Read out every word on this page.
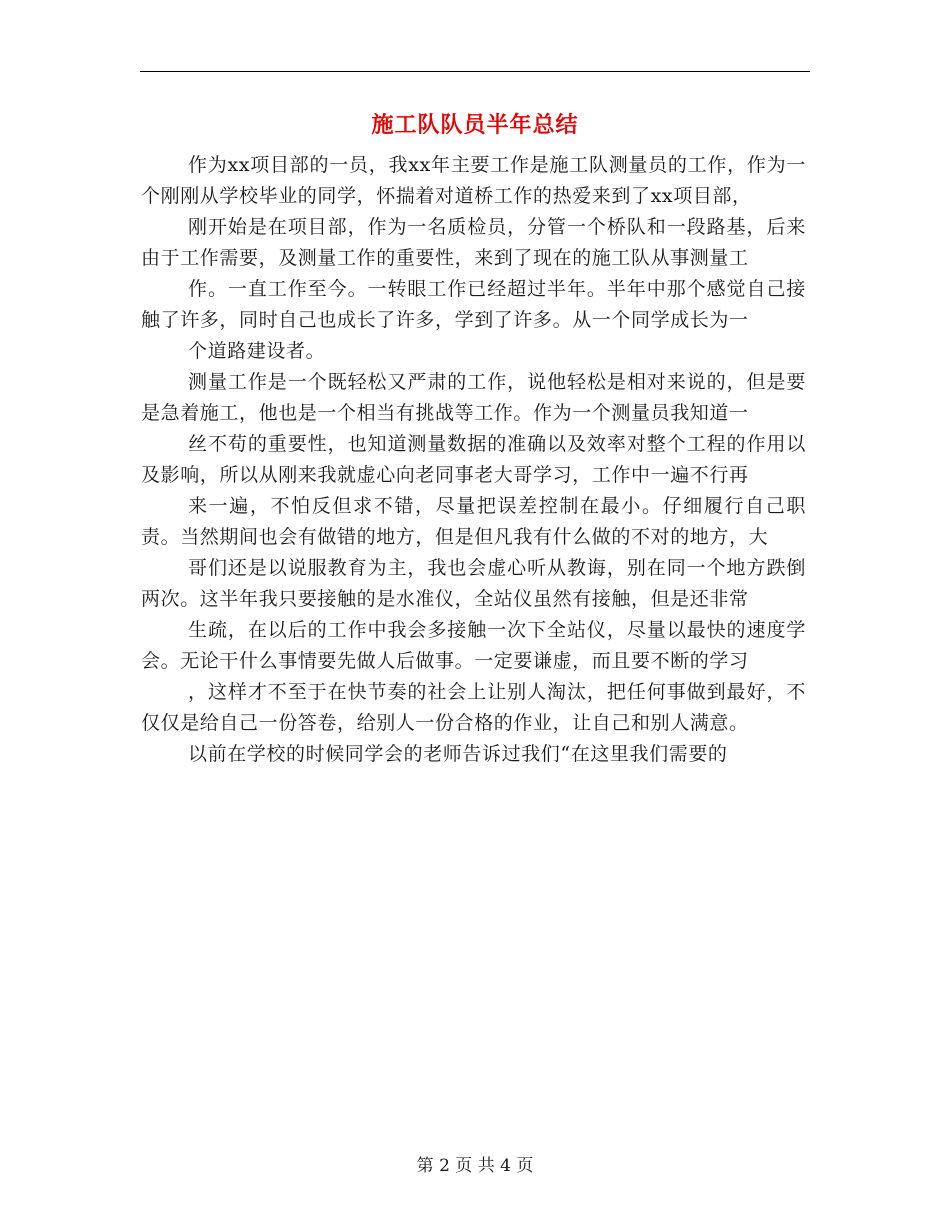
施工队队员半年总结

作为xx项目部的一员，我xx年主要工作是施工队测量员的工作，作为一个刚刚从学校毕业的同学，怀揣着对道桥工作的热爱来到了xx项目部，

刚开始是在项目部，作为一名质检员，分管一个桥队和一段路基，后来由于工作需要，及测量工作的重要性，来到了现在的施工队从事测量工

作。一直工作至今。一转眼工作已经超过半年。半年中那个感觉自己接触了许多，同时自己也成长了许多，学到了许多。从一个同学成长为一

个道路建设者。

测量工作是一个既轻松又严肃的工作，说他轻松是相对来说的，但是要是急着施工，他也是一个相当有挑战等工作。作为一个测量员我知道一

丝不苟的重要性，也知道测量数据的准确以及效率对整个工程的作用以及影响，所以从刚来我就虚心向老同事老大哥学习，工作中一遍不行再

来一遍，不怕反但求不错，尽量把误差控制在最小。仔细履行自己职责。当然期间也会有做错的地方，但是但凡我有什么做的不对的地方，大

哥们还是以说服教育为主，我也会虚心听从教诲，别在同一个地方跌倒两次。这半年我只要接触的是水准仪，全站仪虽然有接触，但是还非常

生疏，在以后的工作中我会多接触一次下全站仪，尽量以最快的速度学会。无论干什么事情要先做人后做事。一定要谦虚，而且要不断的学习

，这样才不至于在快节奏的社会上让别人淘汰，把任何事做到最好，不仅仅是给自己一份答卷，给别人一份合格的作业，让自己和别人满意。

以前在学校的时候同学会的老师告诉过我们“在这里我们需要的

第 2 页 共 4 页
